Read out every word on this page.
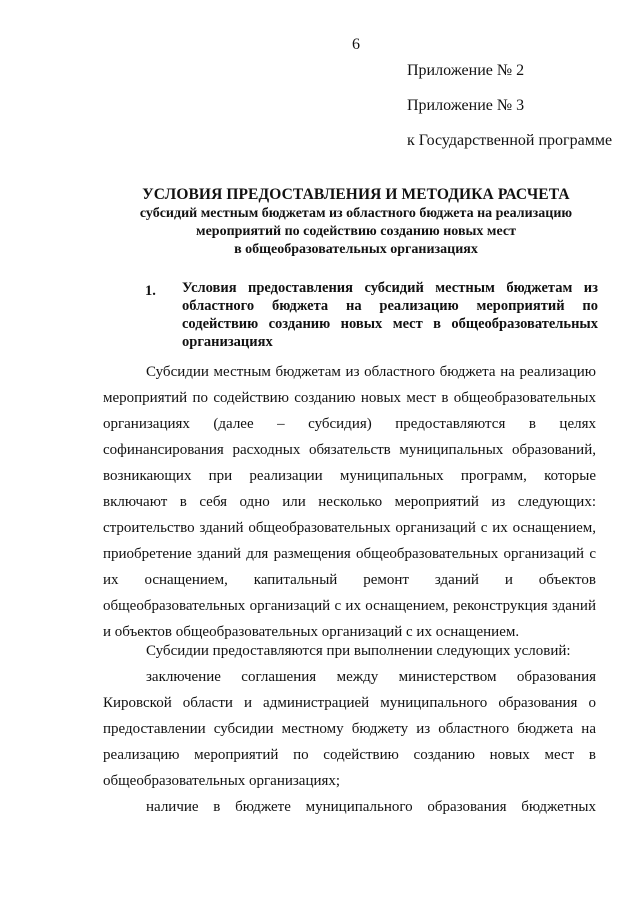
6
Приложение № 2
Приложение № 3
к Государственной программе
УСЛОВИЯ ПРЕДОСТАВЛЕНИЯ И МЕТОДИКА РАСЧЕТА
субсидий местным бюджетам из областного бюджета на реализацию
мероприятий по содействию созданию новых мест
в общеобразовательных организациях
1. Условия предоставления субсидий местным бюджетам из областного бюджета на реализацию мероприятий по содействию созданию новых мест в общеобразовательных организациях
Субсидии местным бюджетам из областного бюджета на реализацию мероприятий по содействию созданию новых мест в общеобразовательных организациях (далее – субсидия) предоставляются в целях софинансирования расходных обязательств муниципальных образований, возникающих при реализации муниципальных программ, которые включают в себя одно или несколько мероприятий из следующих: строительство зданий общеобразовательных организаций с их оснащением, приобретение зданий для размещения общеобразовательных организаций с их оснащением, капитальный ремонт зданий и объектов общеобразовательных организаций с их оснащением, реконструкция зданий и объектов общеобразовательных организаций с их оснащением.
Субсидии предоставляются при выполнении следующих условий:
заключение соглашения между министерством образования Кировской области и администрацией муниципального образования о предоставлении субсидии местному бюджету из областного бюджета на реализацию мероприятий по содействию созданию новых мест в общеобразовательных организациях;
наличие в бюджете муниципального образования бюджетных
